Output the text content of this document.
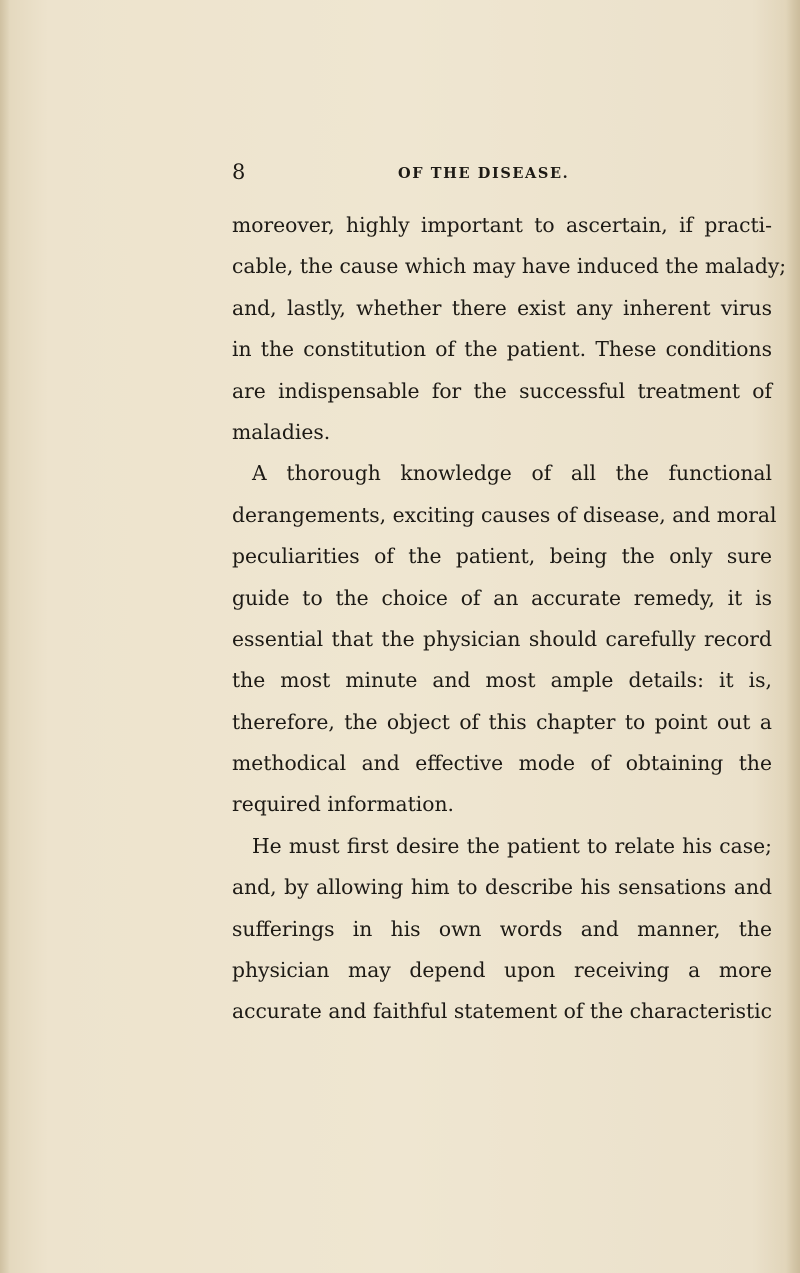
8	OF THE DISEASE.
moreover, highly important to ascertain, if practi-
cable, the cause which may have induced the malady;
and, lastly, whether there exist any inherent virus
in the constitution of the patient. These conditions
are indispensable for the successful treatment of
maladies.
A thorough knowledge of all the functional
derangements, exciting causes of disease, and moral
peculiarities of the patient, being the only sure
guide to the choice of an accurate remedy, it is
essential that the physician should carefully record
the most minute and most ample details: it is,
therefore, the object of this chapter to point out a
methodical and effective mode of obtaining the
required information.
He must first desire the patient to relate his case;
and, by allowing him to describe his sensations and
sufferings in his own words and manner, the
physician may depend upon receiving a more
accurate and faithful statement of the characteristic
